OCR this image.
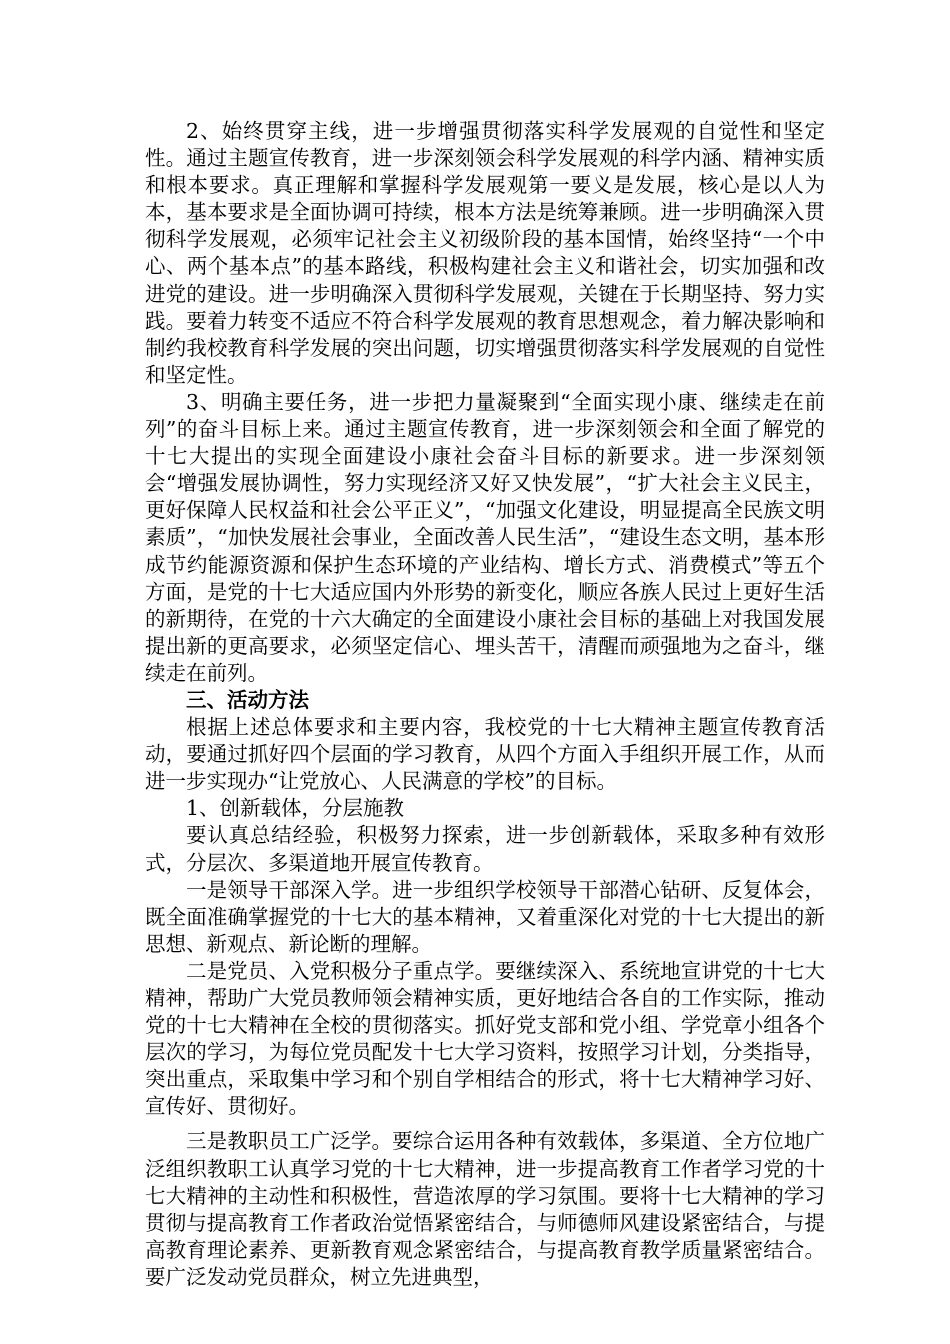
2、始终贯穿主线，进一步增强贯彻落实科学发展观的自觉性和坚定性。通过主题宣传教育，进一步深刻领会科学发展观的科学内涵、精神实质和根本要求。真正理解和掌握科学发展观第一要义是发展，核心是以人为本，基本要求是全面协调可持续，根本方法是统筹兼顾。进一步明确深入贯彻科学发展观，必须牢记社会主义初级阶段的基本国情，始终坚持“一个中心、两个基本点”的基本路线，积极构建社会主义和谐社会，切实加强和改进党的建设。进一步明确深入贯彻科学发展观，关键在于长期坚持、努力实践。要着力转变不适应不符合科学发展观的教育思想观念，着力解决影响和制约我校教育科学发展的突出问题，切实增强贯彻落实科学发展观的自觉性和坚定性。

3、明确主要任务，进一步把力量凝聚到“全面实现小康、继续走在前列”的奋斗目标上来。通过主题宣传教育，进一步深刻领会和全面了解党的十七大提出的实现全面建设小康社会奋斗目标的新要求。进一步深刻领会“增强发展协调性，努力实现经济又好又快发展”，“扩大社会主义民主，更好保障人民权益和社会公平正义”，“加强文化建设，明显提高全民族文明素质”，“加快发展社会事业，全面改善人民生活”，“建设生态文明，基本形成节约能源资源和保护生态环境的产业结构、增长方式、消费模式”等五个方面，是党的十七大适应国内外形势的新变化，顺应各族人民过上更好生活的新期待，在党的十六大确定的全面建设小康社会目标的基础上对我国发展提出新的更高要求，必须坚定信心、埋头苦干，清醒而顽强地为之奋斗，继续走在前列。

三、活动方法

根据上述总体要求和主要内容，我校党的十七大精神主题宣传教育活动，要通过抓好四个层面的学习教育，从四个方面入手组织开展工作，从而进一步实现办“让党放心、人民满意的学校”的目标。

1、创新载体，分层施教

要认真总结经验，积极努力探索，进一步创新载体，采取多种有效形式，分层次、多渠道地开展宣传教育。

一是领导干部深入学。进一步组织学校领导干部潜心钻研、反复体会，既全面准确掌握党的十七大的基本精神，又着重深化对党的十七大提出的新思想、新观点、新论断的理解。

二是党员、入党积极分子重点学。要继续深入、系统地宣讲党的十七大精神，帮助广大党员教师领会精神实质，更好地结合各自的工作实际，推动党的十七大精神在全校的贯彻落实。抓好党支部和党小组、学党章小组各个层次的学习，为每位党员配发十七大学习资料，按照学习计划，分类指导，突出重点，采取集中学习和个别自学相结合的形式，将十七大精神学习好、宣传好、贯彻好。

三是教职员工广泛学。要综合运用各种有效载体，多渠道、全方位地广泛组织教职工认真学习党的十七大精神，进一步提高教育工作者学习党的十七大精神的主动性和积极性，营造浓厚的学习氛围。要将十七大精神的学习贯彻与提高教育工作者政治觉悟紧密结合，与师德师风建设紧密结合，与提高教育理论素养、更新教育观念紧密结合，与提高教育教学质量紧密结合。要广泛发动党员群众，树立先进典型，
